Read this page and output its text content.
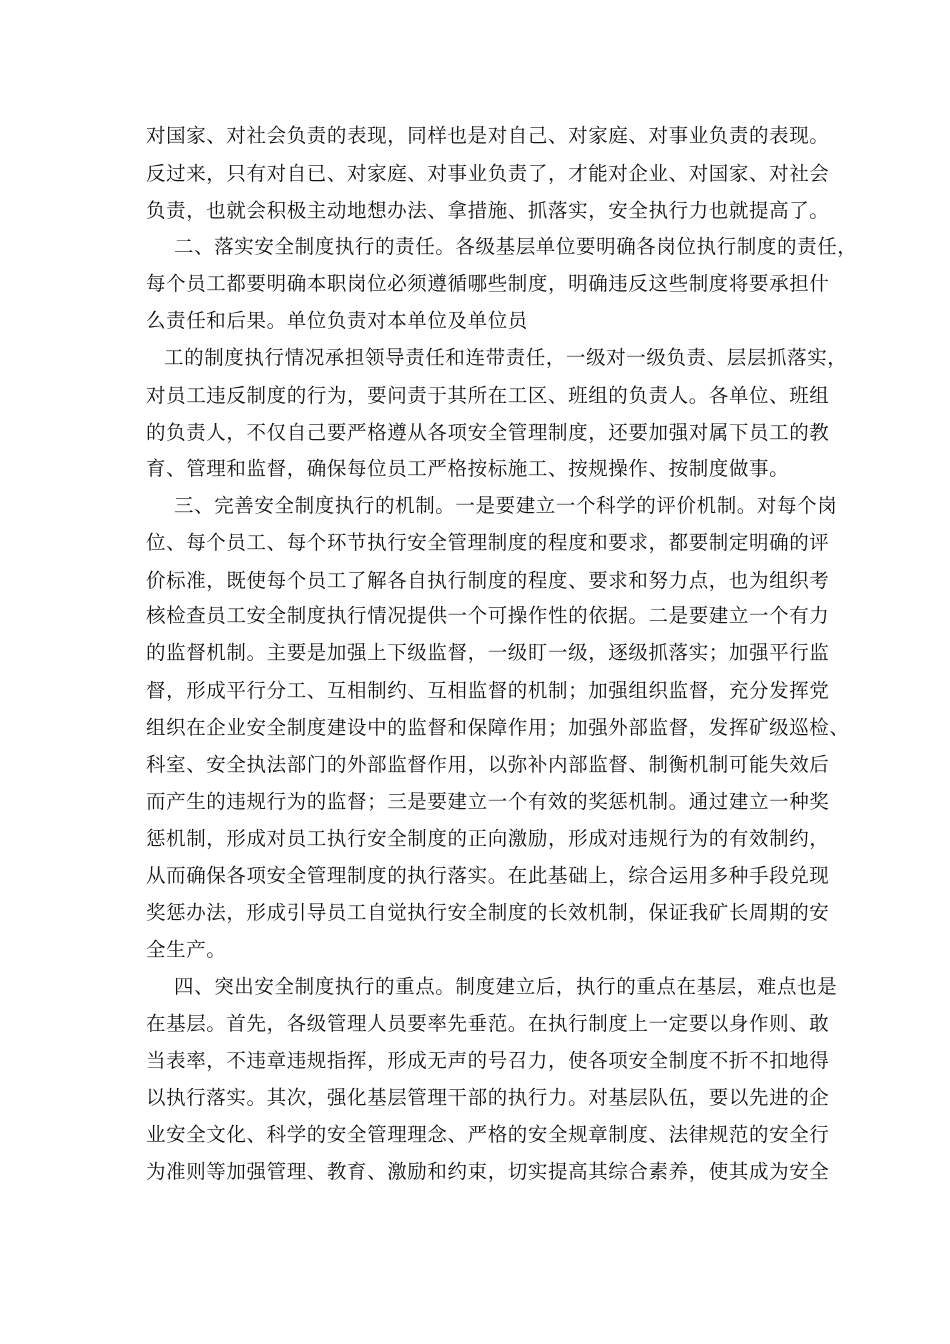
对国家、对社会负责的表现，同样也是对自己、对家庭、对事业负责的表现。
反过来，只有对自已、对家庭、对事业负责了，才能对企业、对国家、对社会
负责，也就会积极主动地想办法、拿措施、抓落实，安全执行力也就提高了。
二、落实安全制度执行的责任。各级基层单位要明确各岗位执行制度的责任，
每个员工都要明确本职岗位必须遵循哪些制度，明确违反这些制度将要承担什
么责任和后果。单位负责对本单位及单位员
工的制度执行情况承担领导责任和连带责任，一级对一级负责、层层抓落实，
对员工违反制度的行为，要问责于其所在工区、班组的负责人。各单位、班组
的负责人，不仅自己要严格遵从各项安全管理制度，还要加强对属下员工的教
育、管理和监督，确保每位员工严格按标施工、按规操作、按制度做事。
三、完善安全制度执行的机制。一是要建立一个科学的评价机制。对每个岗
位、每个员工、每个环节执行安全管理制度的程度和要求，都要制定明确的评
价标准，既使每个员工了解各自执行制度的程度、要求和努力点，也为组织考
核检查员工安全制度执行情况提供一个可操作性的依据。二是要建立一个有力
的监督机制。主要是加强上下级监督，一级盯一级，逐级抓落实；加强平行监
督，形成平行分工、互相制约、互相监督的机制；加强组织监督，充分发挥党
组织在企业安全制度建设中的监督和保障作用；加强外部监督，发挥矿级巡检、
科室、安全执法部门的外部监督作用，以弥补内部监督、制衡机制可能失效后
而产生的违规行为的监督；三是要建立一个有效的奖惩机制。通过建立一种奖
惩机制，形成对员工执行安全制度的正向激励，形成对违规行为的有效制约，
从而确保各项安全管理制度的执行落实。在此基础上，综合运用多种手段兑现
奖惩办法，形成引导员工自觉执行安全制度的长效机制，保证我矿长周期的安
全生产。
四、突出安全制度执行的重点。制度建立后，执行的重点在基层，难点也是
在基层。首先，各级管理人员要率先垂范。在执行制度上一定要以身作则、敢
当表率，不违章违规指挥，形成无声的号召力，使各项安全制度不折不扣地得
以执行落实。其次，强化基层管理干部的执行力。对基层队伍，要以先进的企
业安全文化、科学的安全管理理念、严格的安全规章制度、法律规范的安全行
为准则等加强管理、教育、激励和约束，切实提高其综合素养，使其成为安全
